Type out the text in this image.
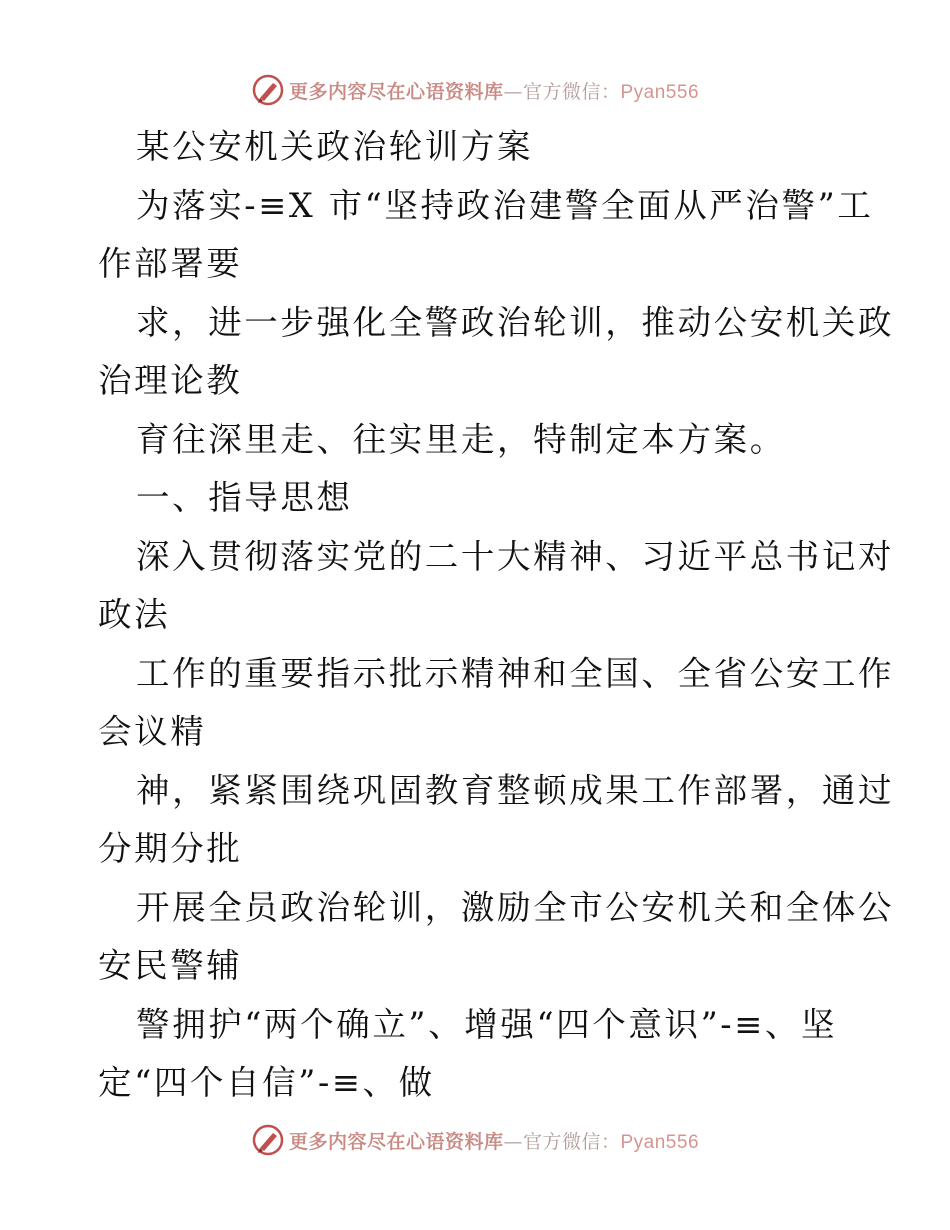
更多内容尽在心语资料库—官方微信：Pyan556
某公安机关政治轮训方案
为落实-≡X 市“坚持政治建警全面从严治警”工
作部署要
求，进一步强化全警政治轮训，推动公安机关政
治理论教
育往深里走、往实里走，特制定本方案。
一、指导思想
深入贯彻落实党的二十大精神、习近平总书记对
政法
工作的重要指示批示精神和全国、全省公安工作
会议精
神，紧紧围绕巩固教育整顿成果工作部署，通过
分期分批
开展全员政治轮训，激励全市公安机关和全体公
安民警辅
警拥护“两个确立”、增强“四个意识”-≡、坚
定“四个自信”-≡、做
更多内容尽在心语资料库—官方微信：Pyan556
